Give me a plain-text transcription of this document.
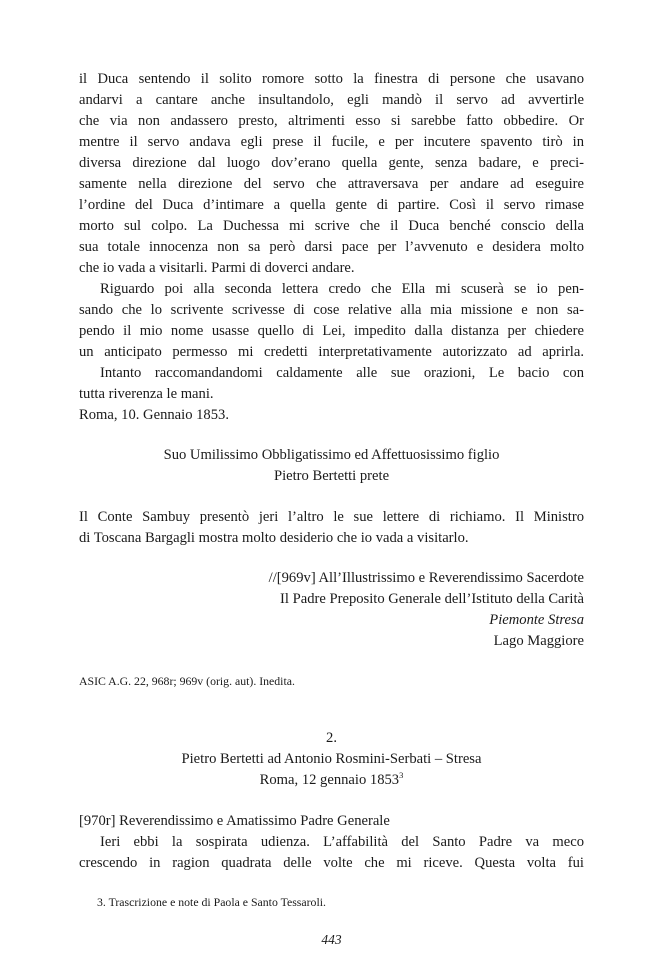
il Duca sentendo il solito romore sotto la finestra di persone che usavano
andarvi a cantare anche insultandolo, egli mandò il servo ad avvertirle
che via non andassero presto, altrimenti esso si sarebbe fatto obbedire. Or
mentre il servo andava egli prese il fucile, e per incutere spavento tirò in
diversa direzione dal luogo dov’erano quella gente, senza badare, e preci-
samente nella direzione del servo che attraversava per andare ad eseguire
l’ordine del Duca d’intimare a quella gente di partire. Così il servo rimase
morto sul colpo. La Duchessa mi scrive che il Duca benché conscio della
sua totale innocenza non sa però darsi pace per l’avvenuto e desidera molto
che io vada a visitarli. Parmi di doverci andare.
Riguardo poi alla seconda lettera credo che Ella mi scuserà se io pen-
sando che lo scrivente scrivesse di cose relative alla mia missione e non sa-
pendo il mio nome usasse quello di Lei, impedito dalla distanza per chiedere
un anticipato permesso mi credetti interpretativamente autorizzato ad aprirla.
Intanto raccomandandomi caldamente alle sue orazioni, Le bacio con
tutta riverenza le mani.
Roma, 10. Gennaio 1853.
Suo Umilissimo Obbligatissimo ed Affettuosissimo figlio
Pietro Bertetti prete
Il Conte Sambuy presentò jeri l’altro le sue lettere di richiamo. Il Ministro
di Toscana Bargagli mostra molto desiderio che io vada a visitarlo.
//[969v] All’Illustrissimo e Reverendissimo Sacerdote
Il Padre Preposito Generale dell’Istituto della Carità
Piemonte Stresa
Lago Maggiore
ASIC A.G. 22, 968r; 969v (orig. aut). Inedita.
2.
Pietro Bertetti ad Antonio Rosmini-Serbati – Stresa
Roma, 12 gennaio 1853$^3$
[970r] Reverendissimo e Amatissimo Padre Generale
Ieri ebbi la sospirata udienza. L’affabilità del Santo Padre va meco
crescendo in ragion quadrata delle volte che mi riceve. Questa volta fui
3. Trascrizione e note di Paola e Santo Tessaroli.
443
